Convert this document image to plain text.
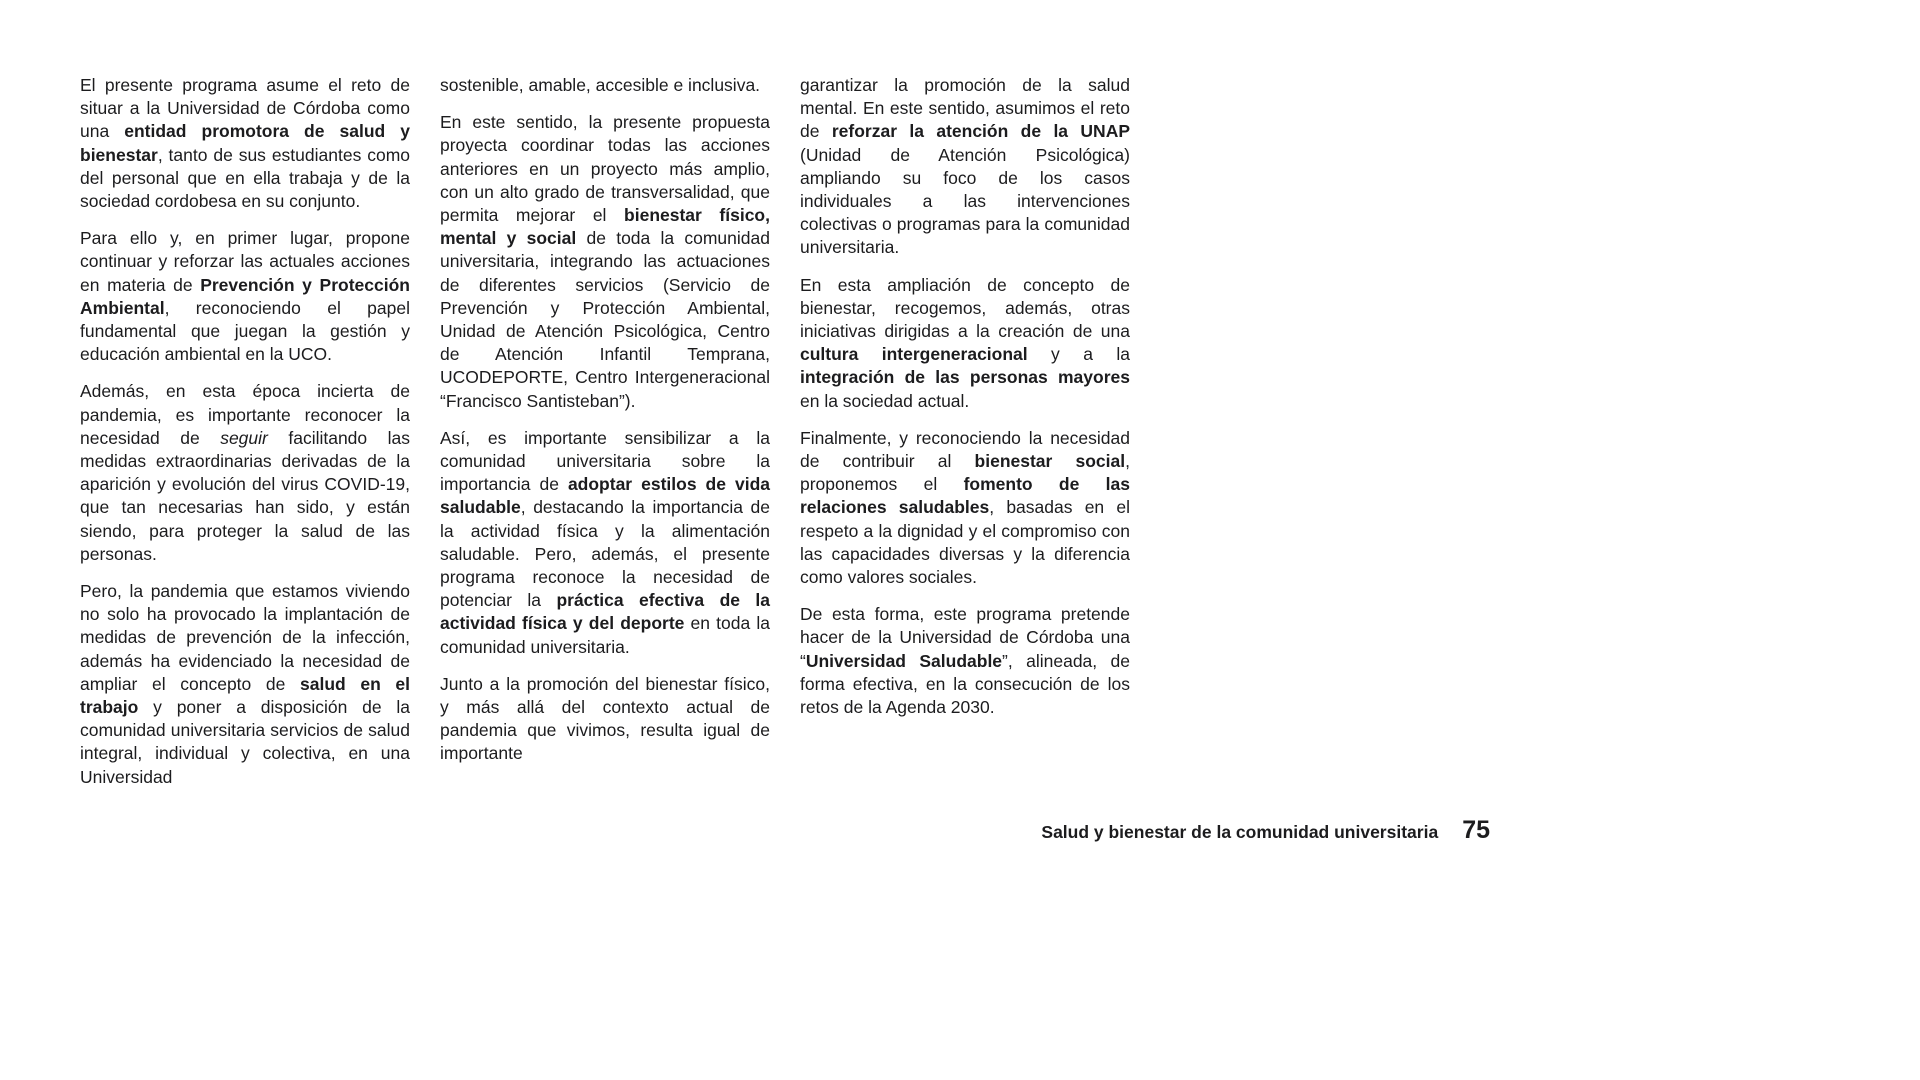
El presente programa asume el reto de situar a la Universidad de Córdoba como una entidad promotora de salud y bienestar, tanto de sus estudiantes como del personal que en ella trabaja y de la sociedad cordobesa en su conjunto.

Para ello y, en primer lugar, propone continuar y reforzar las actuales acciones en materia de Prevención y Protección Ambiental, reconociendo el papel fundamental que juegan la gestión y educación ambiental en la UCO.

Además, en esta época incierta de pandemia, es importante reconocer la necesidad de seguir facilitando las medidas extraordinarias derivadas de la aparición y evolución del virus COVID-19, que tan necesarias han sido, y están siendo, para proteger la salud de las personas.

Pero, la pandemia que estamos viviendo no solo ha provocado la implantación de medidas de prevención de la infección, además ha evidenciado la necesidad de ampliar el concepto de salud en el trabajo y poner a disposición de la comunidad universitaria servicios de salud integral, individual y colectiva, en una Universidad

sostenible, amable, accesible e inclusiva.

En este sentido, la presente propuesta proyecta coordinar todas las acciones anteriores en un proyecto más amplio, con un alto grado de transversalidad, que permita mejorar el bienestar físico, mental y social de toda la comunidad universitaria, integrando las actuaciones de diferentes servicios (Servicio de Prevención y Protección Ambiental, Unidad de Atención Psicológica, Centro de Atención Infantil Temprana, UCODEPORTE, Centro Intergeneracional “Francisco Santisteban”).

Así, es importante sensibilizar a la comunidad universitaria sobre la importancia de adoptar estilos de vida saludable, destacando la importancia de la actividad física y la alimentación saludable. Pero, además, el presente programa reconoce la necesidad de potenciar la práctica efectiva de la actividad física y del deporte en toda la comunidad universitaria.

Junto a la promoción del bienestar físico, y más allá del contexto actual de pandemia que vivimos, resulta igual de importante

garantizar la promoción de la salud mental. En este sentido, asumimos el reto de reforzar la atención de la UNAP (Unidad de Atención Psicológica) ampliando su foco de los casos individuales a las intervenciones colectivas o programas para la comunidad universitaria.

En esta ampliación de concepto de bienestar, recogemos, además, otras iniciativas dirigidas a la creación de una cultura intergeneracional y a la integración de las personas mayores en la sociedad actual.

Finalmente, y reconociendo la necesidad de contribuir al bienestar social, proponemos el fomento de las relaciones saludables, basadas en el respeto a la dignidad y el compromiso con las capacidades diversas y la diferencia como valores sociales.

De esta forma, este programa pretende hacer de la Universidad de Córdoba una “Universidad Saludable”, alineada, de forma efectiva, en la consecución de los retos de la Agenda 2030.

Salud y bienestar de la comunidad universitaria 75
